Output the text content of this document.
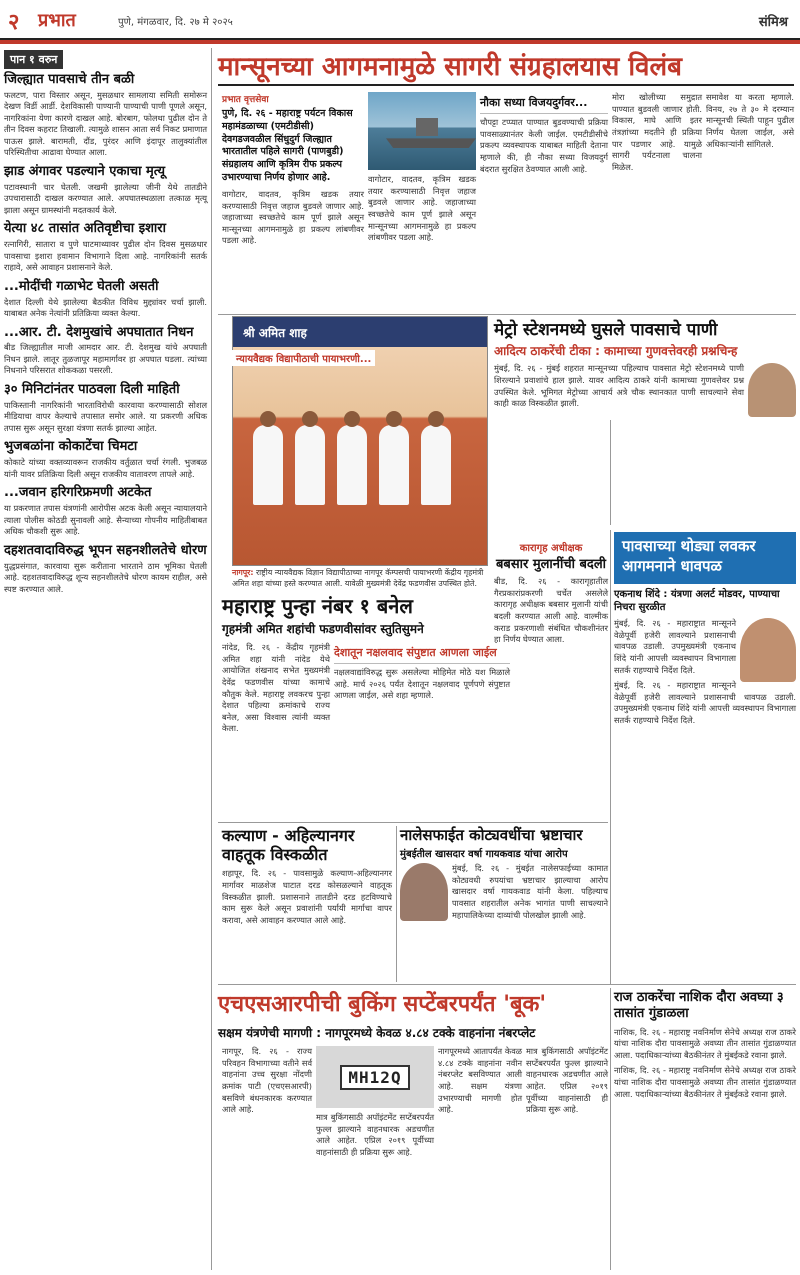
२ प्रभात	पुणे, मंगळवार, दि. २७ मे २०२५	संमिश्र
पान १ वरुन
जिल्ह्यात पावसाचे तीन बळी

फलटण, पारा विस्तार असून, मुसळधार सामलाया समिती समोरून देखण विर्डी आर्डी. देशविकासी पाण्यानी पाण्याची पाणी पूणले असून, नागरिकांना येणा कारणे दाखल आहे. बोरबाग, फोलथा पुढील दोन ते तीन दिवस कहराट तिखाली. त्यामुळे शासन आता सर्व निकट प्रमाणात पाऊस झाले. बारामती, दौंड, पुरंदर आणि इंदापूर तालुक्यांतील परिस्थितीचा आढावा घेण्यात आला.

झाड अंगावर पडल्याने एकाचा मृत्यू

पटावस्थानी चार घेतली. जखमी झालेल्या जीनी येथे तातडीने उपचारासाठी दाखल करण्यात आले. अपघातस्थळाला तत्काळ मृत्यू झाला असून ग्रामस्थांनी मदतकार्य केले.

येत्या ४८ तासांत अतिवृष्टीचा इशारा

रत्नागिरी, सातारा व पुणे घाटमाथ्यावर पुढील दोन दिवस मुसळधार पावसाचा इशारा हवामान विभागाने दिला आहे. नागरिकांनी सतर्क राहावे, असे आवाहन प्रशासनाने केले.

...मोदींची गळाभेट घेतली असती

देशात दिल्ली येथे झालेल्या बैठकीत विविध मुद्द्यांवर चर्चा झाली. याबाबत अनेक नेत्यांनी प्रतिक्रिया व्यक्त केल्या.

...आर. टी. देशमुखांचे अपघातात निधन

बीड जिल्ह्यातील माजी आमदार आर. टी. देशमुख यांचे अपघाती निधन झाले. लातूर तुळजापूर महामार्गावर हा अपघात घडला. त्यांच्या निधनाने परिसरात शोककळा पसरली.

३० मिनिटांनंतर पाठवला दिली माहिती

पाकिस्तानी नागरिकांनी भारताविरोधी कारवाया करण्यासाठी सोशल मीडियाचा वापर केल्याचे तपासात समोर आले. या प्रकरणी अधिक तपास सुरू असून सुरक्षा यंत्रणा सतर्क झाल्या आहेत.

भुजबळांना कोकाटेंचा चिमटा

कोकाटे यांच्या वक्तव्यावरून राजकीय वर्तुळात चर्चा रंगली. भुजबळ यांनी यावर प्रतिक्रिया दिली असून राजकीय वातावरण तापले आहे.

...जवान हरिगरिफ्रमणी अटकेत

या प्रकरणात तपास यंत्रणांनी आरोपीस अटक केली असून न्यायालयाने त्याला पोलीस कोठडी सुनावली आहे. सैन्याच्या गोपनीय माहितीबाबत अधिक चौकशी सुरू आहे.

दहशतवादाविरुद्ध भूपन सहनशीलतेचे धोरण

युद्धप्रसंगात, कारवाया सुरू करीताना भारताने ठाम भूमिका घेतली आहे. दहशतवादाविरुद्ध शून्य सहनशीलतेचे धोरण कायम राहील, असे स्पष्ट करण्यात आले.

मान्सूनच्या आगमनामुळे सागरी संग्रहालयास विलंब
प्रभात वृत्तसेवा
पुणे, दि. २६ - महाराष्ट्र पर्यटन विकास महामंडळाच्या (एमटीडीसी) देवगडजवळील सिंधुदुर्ग जिल्ह्यात भारतातील पहिले सागरी (पाणबुडी) संग्रहालय आणि कृत्रिम रीफ प्रकल्प उभारण्याचा निर्णय होणार आहे.
वागोटार, वादतव, कृत्रिम खडक तयार करण्यासाठी निवृत्त जहाज बुडवले जाणार आहे. जहाजाच्या स्वच्छतेचे काम पूर्ण झाले असून मान्सूनच्या आगमनामुळे हा प्रकल्प लांबणीवर पडला आहे.
वागोटार, वादतव, कृत्रिम खडक तयार करण्यासाठी निवृत्त जहाज बुडवले जाणार आहे. जहाजाच्या स्वच्छतेचे काम पूर्ण झाले असून मान्सूनच्या आगमनामुळे हा प्रकल्प लांबणीवर पडला आहे.
नौका सध्या विजयदुर्गवर...
चौपट्टा टप्प्यात पाण्यात बुडवण्याची प्रक्रिया पावसाळ्यानंतर केली जाईल. एमटीडीसीचे प्रकल्प व्यवस्थापक याबाबत माहिती देताना म्हणाले की, ही नौका सध्या विजयदुर्ग बंदरात सुरक्षित ठेवण्यात आली आहे.
मोरा खोलीच्या समुद्रात पाण्यात बुडवली जाणार होती. विकास, माघे आणि इतर तंत्रज्ञांच्या मदतीने ही प्रक्रिया पार पडणार आहे. यामुळे सागरी पर्यटनाला चालना मिळेल.
समावेश या करता म्हणाले. विनय, २७ ते ३० मे दरम्यान मान्सूनची स्थिती पाहून पुढील निर्णय घेतला जाईल, असे अधिकाऱ्यांनी सांगितले.
श्री अमित शाह
न्यायवैद्यक विद्यापीठाची पायाभरणी...
नागपूर: राष्ट्रीय न्यायवैद्यक विज्ञान विद्यापीठाच्या नागपूर कॅम्पसची पायाभरणी केंद्रीय गृहमंत्री अमित शहा यांच्या हस्ते करण्यात आली. यावेळी मुख्यमंत्री देवेंद्र फडणवीस उपस्थित होते.
मेट्रो स्टेशनमध्ये घुसले पावसाचे पाणी
आदित्य ठाकरेंची टीका : कामाच्या गुणवत्तेवरही प्रश्नचिन्ह
मुंबई, दि. २६ - मुंबई शहरात मान्सूनच्या पहिल्याच पावसात मेट्रो स्टेशनमध्ये पाणी शिरल्याने प्रवाशांचे हाल झाले. यावर आदित्य ठाकरे यांनी कामाच्या गुणवत्तेवर प्रश्न उपस्थित केले. भूमिगत मेट्रोच्या आचार्य अत्रे चौक स्थानकात पाणी साचल्याने सेवा काही काळ विस्कळीत झाली.
पावसाच्या थोड्या लवकर आगमनाने धावपळ
एकनाथ शिंदे : यंत्रणा अलर्ट मोडवर, पाण्याचा निचरा सुरळीत
मुंबई, दि. २६ - महाराष्ट्रात मान्सूनने वेळेपूर्वी हजेरी लावल्याने प्रशासनाची धावपळ उडाली. उपमुख्यमंत्री एकनाथ शिंदे यांनी आपत्ती व्यवस्थापन विभागाला सतर्क राहण्याचे निर्देश दिले.
मुंबई, दि. २६ - महाराष्ट्रात मान्सूनने वेळेपूर्वी हजेरी लावल्याने प्रशासनाची धावपळ उडाली. उपमुख्यमंत्री एकनाथ शिंदे यांनी आपत्ती व्यवस्थापन विभागाला सतर्क राहण्याचे निर्देश दिले.
महाराष्ट्र पुन्हा नंबर १ बनेल
गृहमंत्री अमित शहांची फडणवीसांवर स्तुतिसुमने
नांदेड, दि. २६ - केंद्रीय गृहमंत्री अमित शहा यांनी नांदेड येथे आयोजित शंखनाद सभेत मुख्यमंत्री देवेंद्र फडणवीस यांच्या कामाचे कौतुक केले. महाराष्ट्र लवकरच पुन्हा देशात पहिल्या क्रमांकाचे राज्य बनेल, असा विश्वास त्यांनी व्यक्त केला.
देशातून नक्षलवाद संपुष्टात आणला जाईल
नक्षलवाद्यांविरुद्ध सुरू असलेल्या मोहिमेत मोठे यश मिळाले आहे. मार्च २०२६ पर्यंत देशातून नक्षलवाद पूर्णपणे संपुष्टात आणला जाईल, असे शहा म्हणाले.
कारागृह अधीक्षक
बबसार मुलानींची बदली
बीड, दि. २६ - कारागृहातील गैरप्रकारांप्रकरणी चर्चेत असलेले कारागृह अधीक्षक बबसार मुलानी यांची बदली करण्यात आली आहे. वाल्मीक कराड प्रकरणाशी संबंधित चौकशीनंतर हा निर्णय घेण्यात आला.
कल्याण - अहिल्यानगर वाहतूक विस्कळीत
शहापूर, दि. २६ - पावसामुळे कल्याण-अहिल्यानगर मार्गावर माळशेज घाटात दरड कोसळल्याने वाहतूक विस्कळीत झाली. प्रशासनाने तातडीने दरड हटविण्याचे काम सुरू केले असून प्रवाशांनी पर्यायी मार्गाचा वापर करावा, असे आवाहन करण्यात आले आहे.
नालेसफाईत कोट्यवधींचा भ्रष्टाचार
मुंबईतील खासदार वर्षा गायकवाड यांचा आरोप
मुंबई, दि. २६ - मुंबईत नालेसफाईच्या कामात कोट्यवधी रुपयांचा भ्रष्टाचार झाल्याचा आरोप खासदार वर्षा गायकवाड यांनी केला. पहिल्याच पावसात शहरातील अनेक भागांत पाणी साचल्याने महापालिकेच्या दाव्यांची पोलखोल झाली आहे.
एचएसआरपीची बुकिंग सप्टेंबरपर्यंत 'बूक'
सक्षम यंत्रणेची मागणी : नागपूरमध्ये केवळ ४.८४ टक्के वाहनांना नंबरप्लेट
नागपूर, दि. २६ - राज्य परिवहन विभागाच्या वतीने सर्व वाहनांना उच्च सुरक्षा नोंदणी क्रमांक पाटी (एचएसआरपी) बसविणे बंधनकारक करण्यात आले आहे.
MH12Q
मात्र बुकिंगसाठी अपॉइंटमेंट सप्टेंबरपर्यंत फुल्ल झाल्याने वाहनधारक अडचणीत आले आहेत. एप्रिल २०१९ पूर्वीच्या वाहनांसाठी ही प्रक्रिया सुरू आहे.
नागपूरमध्ये आतापर्यंत केवळ ४.८४ टक्के वाहनांना नवीन नंबरप्लेट बसविण्यात आली आहे. सक्षम यंत्रणा उभारण्याची मागणी होत आहे.
मात्र बुकिंगसाठी अपॉइंटमेंट सप्टेंबरपर्यंत फुल्ल झाल्याने वाहनधारक अडचणीत आले आहेत. एप्रिल २०१९ पूर्वीच्या वाहनांसाठी ही प्रक्रिया सुरू आहे.
राज ठाकरेंचा नाशिक दौरा अवघ्या ३ तासांत गुंडाळला
नाशिक, दि. २६ - महाराष्ट्र नवनिर्माण सेनेचे अध्यक्ष राज ठाकरे यांचा नाशिक दौरा पावसामुळे अवघ्या तीन तासांत गुंडाळण्यात आला. पदाधिकाऱ्यांच्या बैठकीनंतर ते मुंबईकडे रवाना झाले.
नाशिक, दि. २६ - महाराष्ट्र नवनिर्माण सेनेचे अध्यक्ष राज ठाकरे यांचा नाशिक दौरा पावसामुळे अवघ्या तीन तासांत गुंडाळण्यात आला. पदाधिकाऱ्यांच्या बैठकीनंतर ते मुंबईकडे रवाना झाले.
